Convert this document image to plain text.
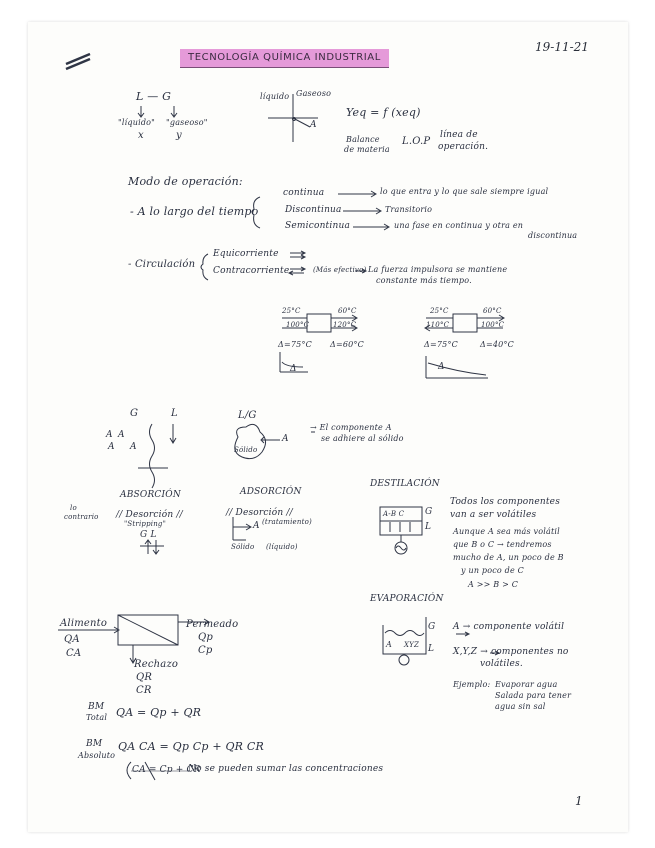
TECNOLOGÍA QUÍMICA INDUSTRIAL
19-11-21
L — G
"líquido" "gaseoso"
x	y
líquido Gaseoso
A
Yeq = f (xeq)
Balance
de materia
L.O.P
línea de
operación.
Modo de operación:
- A lo largo del tiempo
continua	lo que entra y lo que sale siempre igual
Discontinua	Transitorio
Semicontinua	una fase en continua y otra en
discontinua
- Circulación
Equicorriente
Contracorriente	(Más efectivo) La fuerza impulsora se mantiene
constante más tiempo.
25°C	60°C
100°C	120°C
Δ=75°C Δ=60°C
Δ
25°C	60°C
110°C	100°C
Δ=75°C	Δ=40°C
Δ
G	L
A A
A A
L/G
A
Sólido
→ El componente A
se adhiere al sólido
ABSORCIÓN	ADSORCIÓN
lo
contrario // Desorción //
"Stripping"
// Desorción //
(tratamiento)
A
Sólido (líquido)
G L
DESTILACIÓN
A-B C G
L
Todos los componentes
van a ser volátiles
Aunque A sea más volátil
que B o C → tendremos
mucho de A, un poco de B
y un poco de C
A >> B > C
EVAPORACIÓN
G
L
A XYZ
A → componente volátil
X,Y,Z → componentes no
volátiles.
Ejemplo: Evaporar agua
Salada para tener
agua sin sal
Alimento
QA
CA
Permeado
Qp
Cp
Rechazo
QR
CR
BM
Total QA = Qp + QR
BM
Absoluto
QA CA = Qp Cp + QR CR
CA = Cp + CR
No se pueden sumar las concentraciones
1
